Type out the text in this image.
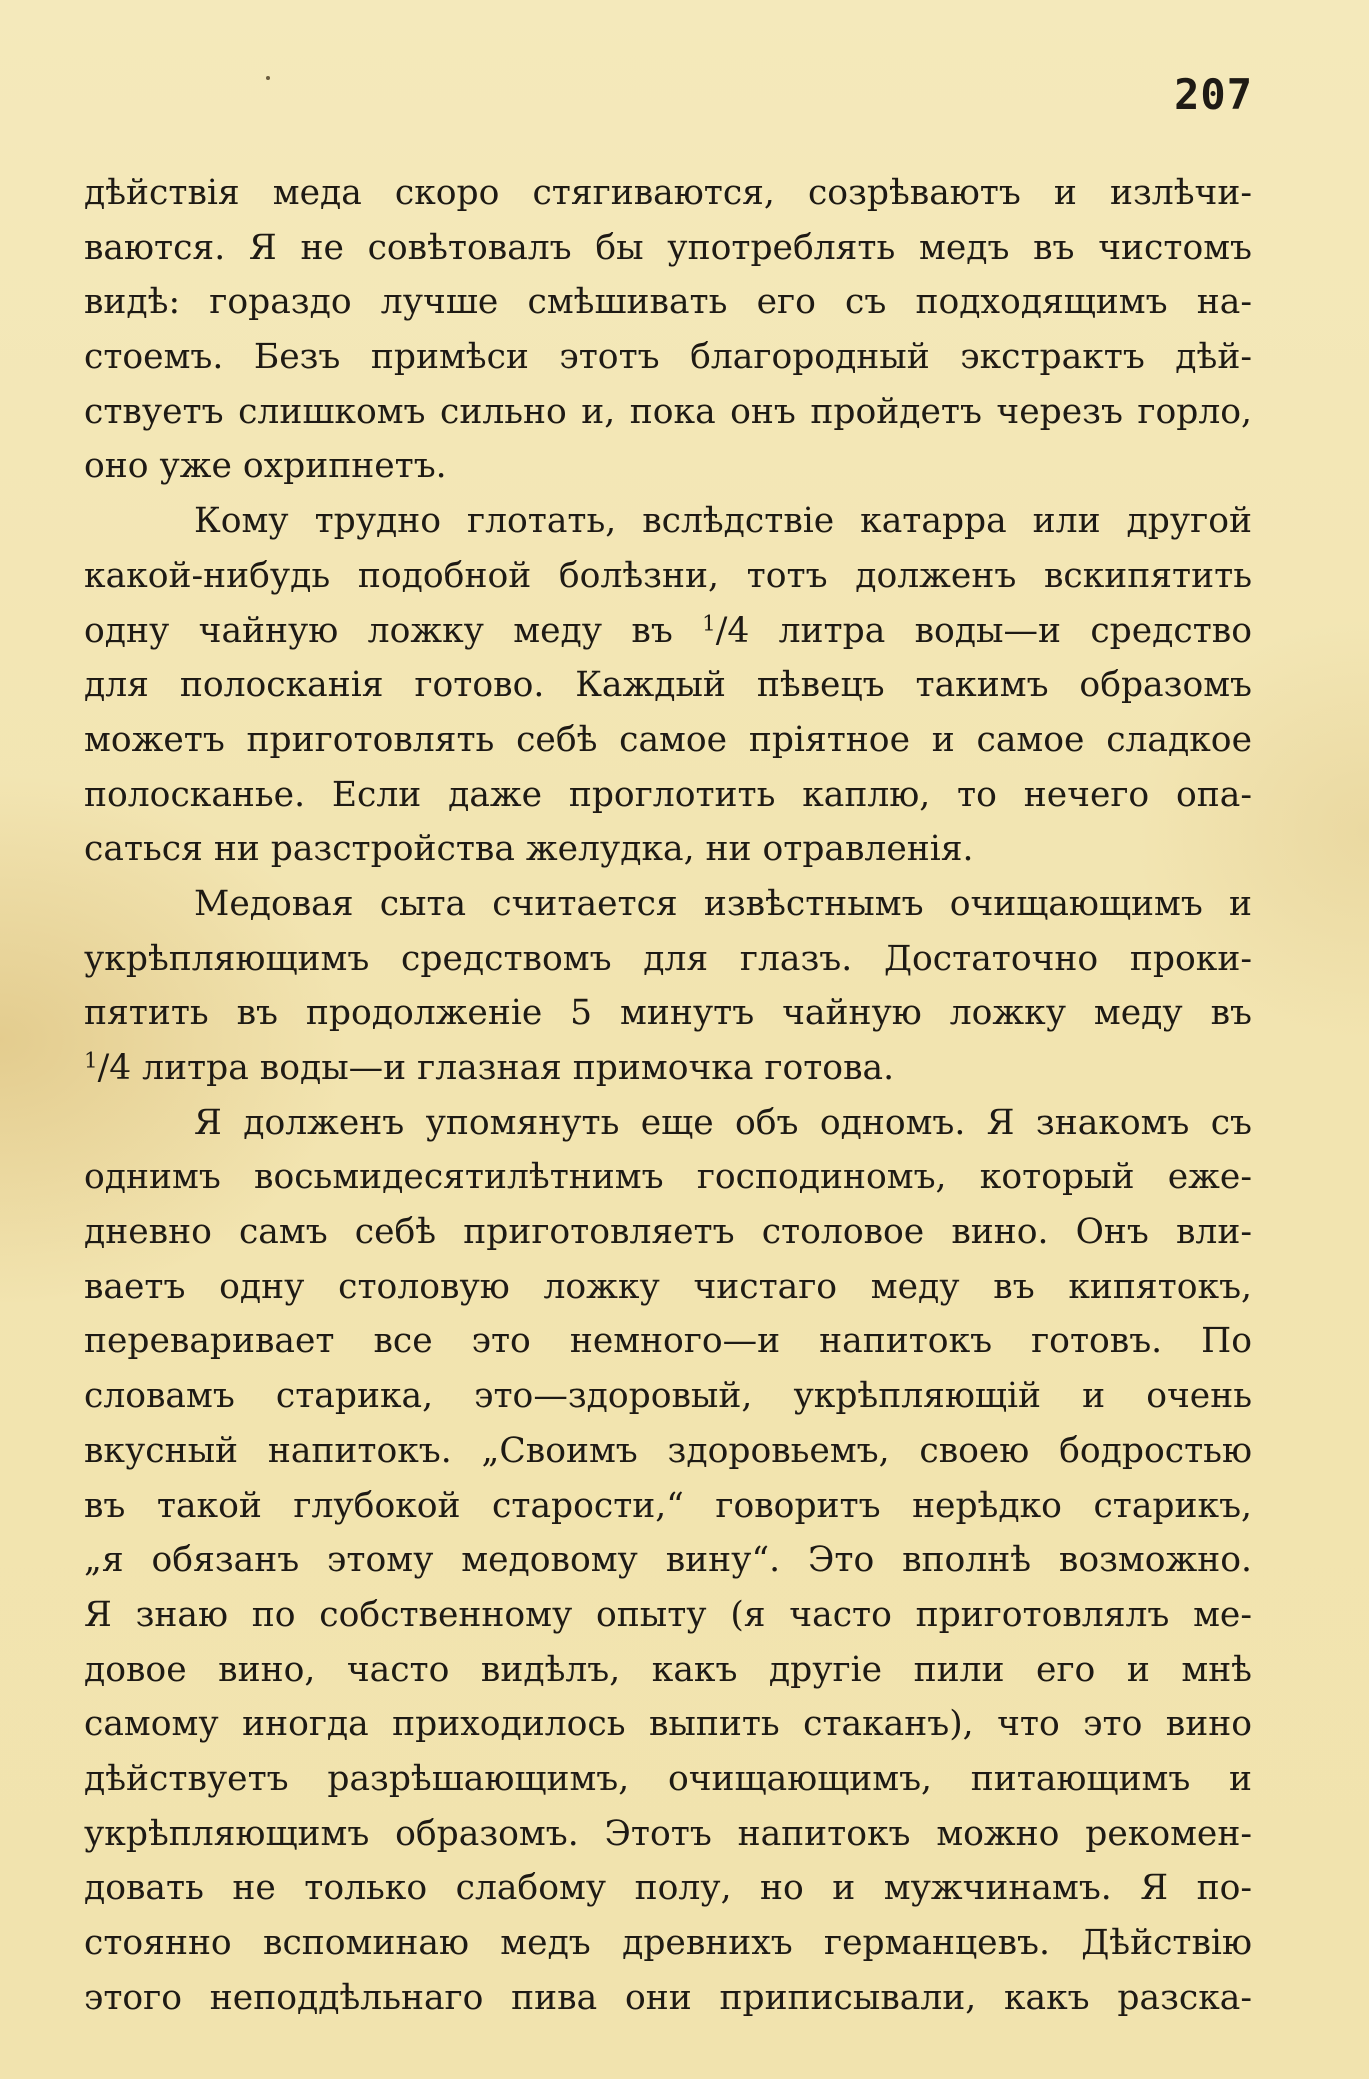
207
дѣйствія меда скоро стягиваются, созрѣваютъ и излѣчи-
ваются. Я не совѣтовалъ бы употреблять медъ въ чистомъ
видѣ: гораздо лучше смѣшивать его съ подходящимъ на-
стоемъ. Безъ примѣси этотъ благородный экстрактъ дѣй-
ствуетъ слишкомъ сильно и, пока онъ пройдетъ черезъ горло,
оно уже охрипнетъ.
Кому трудно глотать, вслѣдствіе катарра или другой
какой-нибудь подобной болѣзни, тотъ долженъ вскипятить
одну чайную ложку меду въ $^1$/4 литра воды—и средство
для полосканія готово. Каждый пѣвецъ такимъ образомъ
можетъ приготовлять себѣ самое пріятное и самое сладкое
полосканье. Если даже проглотить каплю, то нечего опа-
саться ни разстройства желудка, ни отравленія.
Медовая сыта считается извѣстнымъ очищающимъ и
укрѣпляющимъ средствомъ для глазъ. Достаточно проки-
пятить въ продолженіе 5 минутъ чайную ложку меду въ
$^1$/4 литра воды—и глазная примочка готова.
Я долженъ упомянуть еще объ одномъ. Я знакомъ съ
однимъ восьмидесятилѣтнимъ господиномъ, который еже-
дневно самъ себѣ приготовляетъ столовое вино. Онъ вли-
ваетъ одну столовую ложку чистаго меду въ кипятокъ,
переваривает все это немного—и напитокъ готовъ. По
словамъ старика, это—здоровый, укрѣпляющій и очень
вкусный напитокъ. „Своимъ здоровьемъ, своею бодростью
въ такой глубокой старости,“ говоритъ нерѣдко старикъ,
„я обязанъ этому медовому вину“. Это вполнѣ возможно.
Я знаю по собственному опыту (я часто приготовлялъ ме-
довое вино, часто видѣлъ, какъ другіе пили его и мнѣ
самому иногда приходилось выпить стаканъ), что это вино
дѣйствуетъ разрѣшающимъ, очищающимъ, питающимъ и
укрѣпляющимъ образомъ. Этотъ напитокъ можно рекомен-
довать не только слабому полу, но и мужчинамъ. Я по-
стоянно вспоминаю медъ древнихъ германцевъ. Дѣйствію
этого неподдѣльнаго пива они приписывали, какъ разска-
